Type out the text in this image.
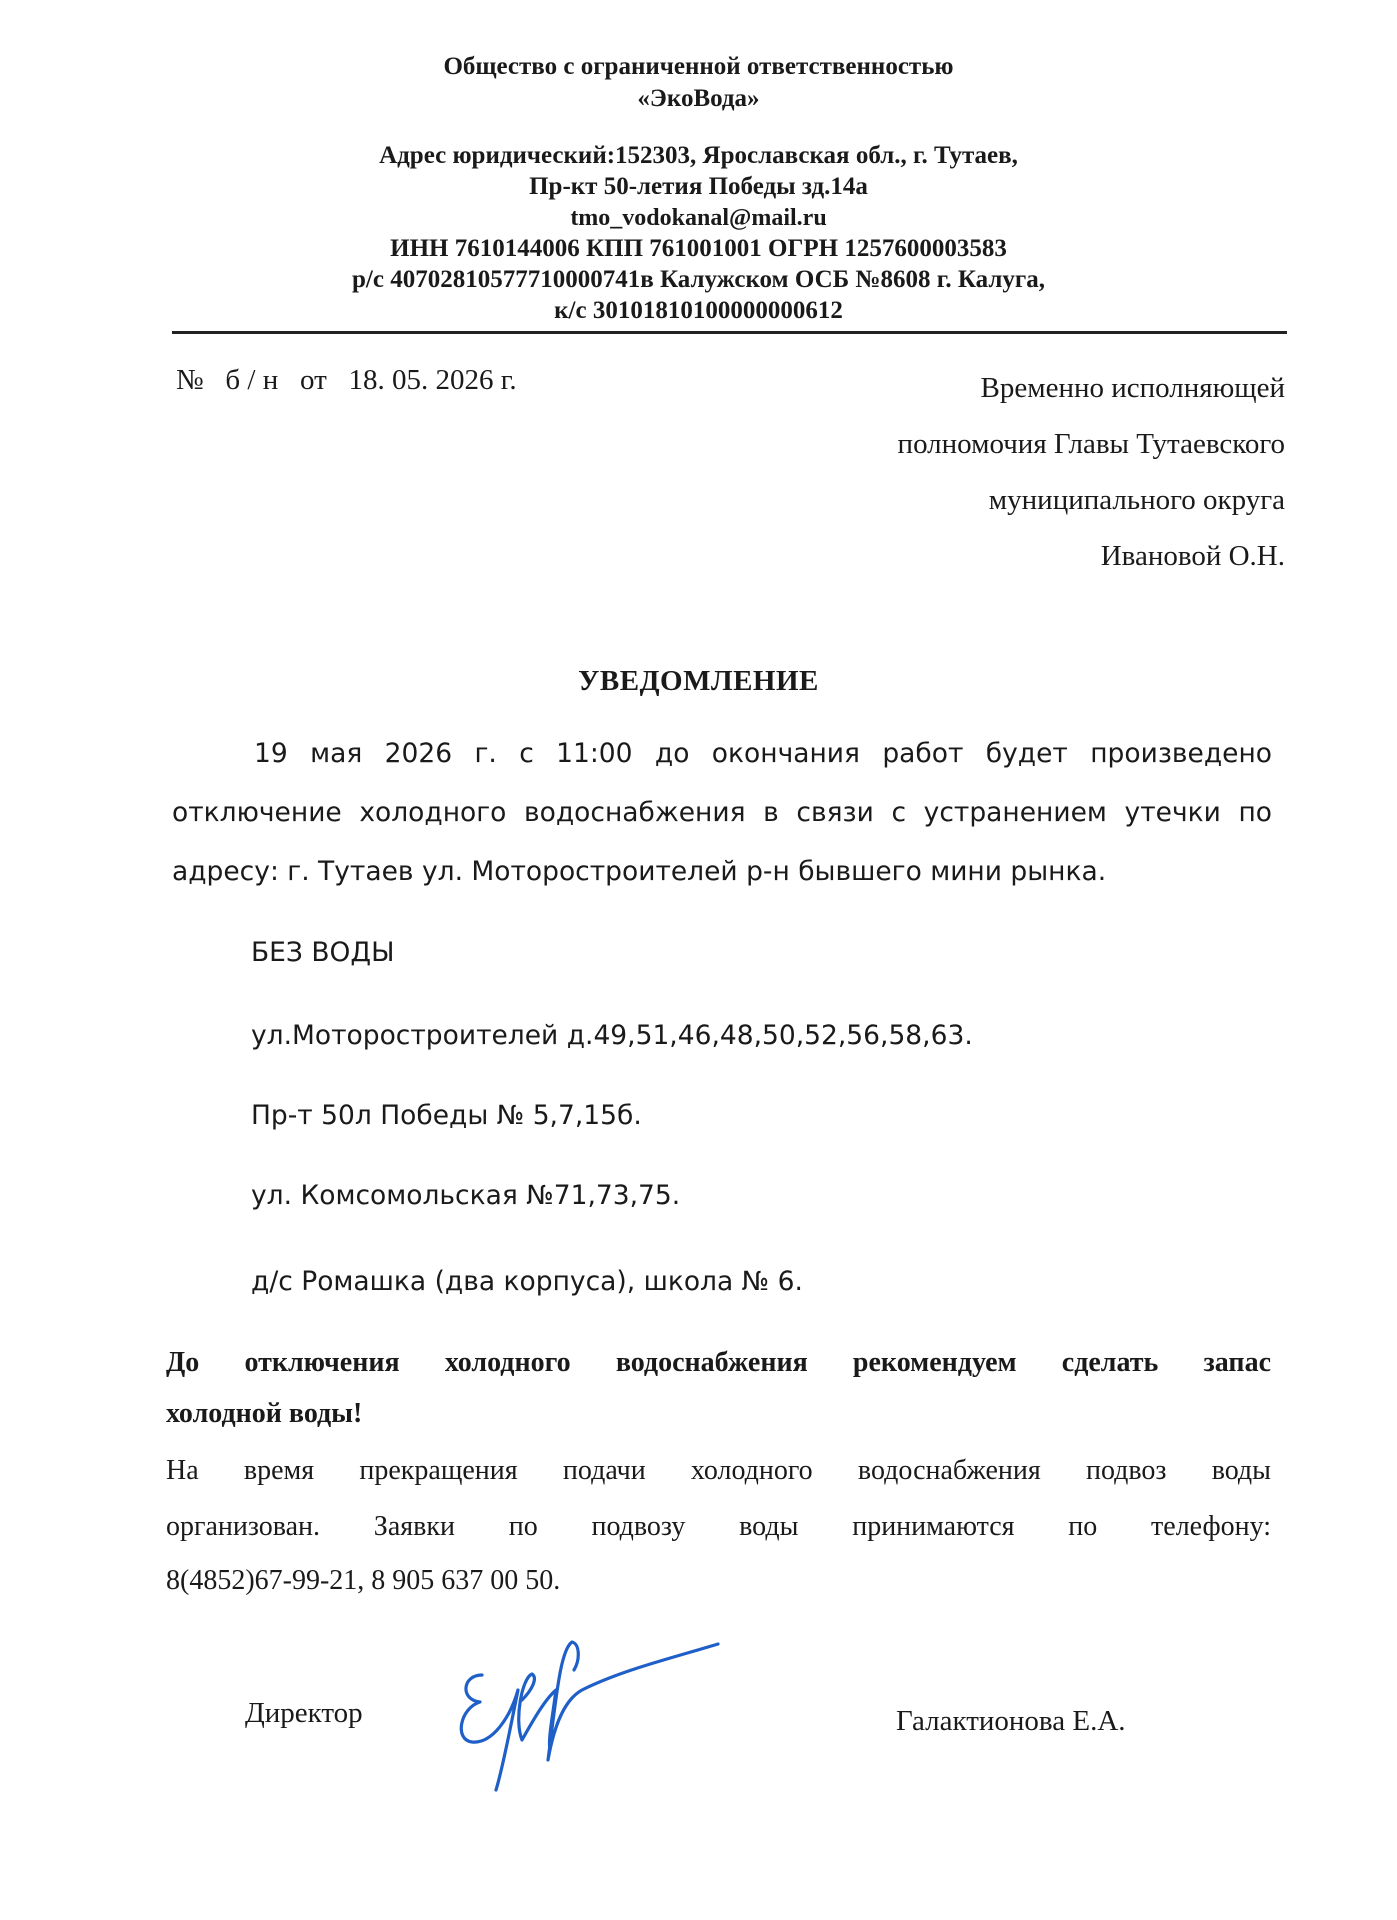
Общество с ограниченной ответственностью
«ЭкоВода»
Адрес юридический:152303, Ярославская обл., г. Тутаев,
Пр-кт 50-летия Победы зд.14а
tmo_vodokanal@mail.ru
ИНН 7610144006 КПП 761001001 ОГРН 1257600003583
р/с 40702810577710000741в Калужском ОСБ №8608 г. Калуга,
к/с 30101810100000000612
№   б / н   от   18. 05. 2026 г.	Временно исполняющей
полномочия Главы Тутаевского
муниципального округа
Ивановой О.Н.
УВЕДОМЛЕНИЕ
19 мая 2026 г. с 11:00 до окончания работ будет произведено
отключение холодного водоснабжения в связи с устранением утечки по
адресу: г. Тутаев ул. Моторостроителей р-н бывшего мини рынка.
БЕЗ ВОДЫ
ул.Моторостроителей д.49,51,46,48,50,52,56,58,63.
Пр-т 50л Победы № 5,7,15б.
ул. Комсомольская №71,73,75.
д/с Ромашка (два корпуса), школа № 6.
До отключения холодного водоснабжения рекомендуем сделать запас
холодной воды!
На время прекращения подачи холодного водоснабжения подвоз воды
организован. Заявки по подвозу воды принимаются по телефону:
8(4852)67-99-21, 8 905 637 00 50.
Директор	Галактионова Е.А.
